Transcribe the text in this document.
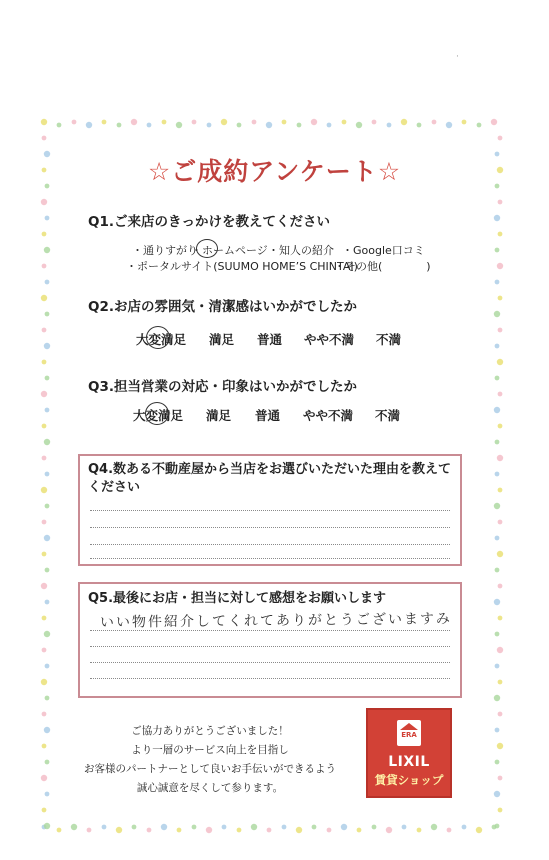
·
☆ご成約アンケート☆
Q1.ご来店のきっかけを教えてください
・通りすがり
・ホームページ ・知人の紹介 ・Google口コミ
・ポータルサイト(SUUMO HOME’S CHINTAI)
・その他(　　　　)
Q2.お店の雰囲気・清潔感はいかがでしたか
大変満足 満足 普通 やや不満 不満
Q3.担当営業の対応・印象はいかがでしたか
大変満足 満足 普通 やや不満 不満
Q4.数ある不動産屋から当店をお選びいただいた理由を教えて
ください
Q5.最後にお店・担当に対して感想をお願いします
いい物件紹介してくれてありがとうございますみ
ご協力ありがとうございました！
より一層のサービス向上を目指し
お客様のパートナーとして良いお手伝いができるよう
誠心誠意を尽くして参ります。
ERA
LIXIL
賃貸ショップ
